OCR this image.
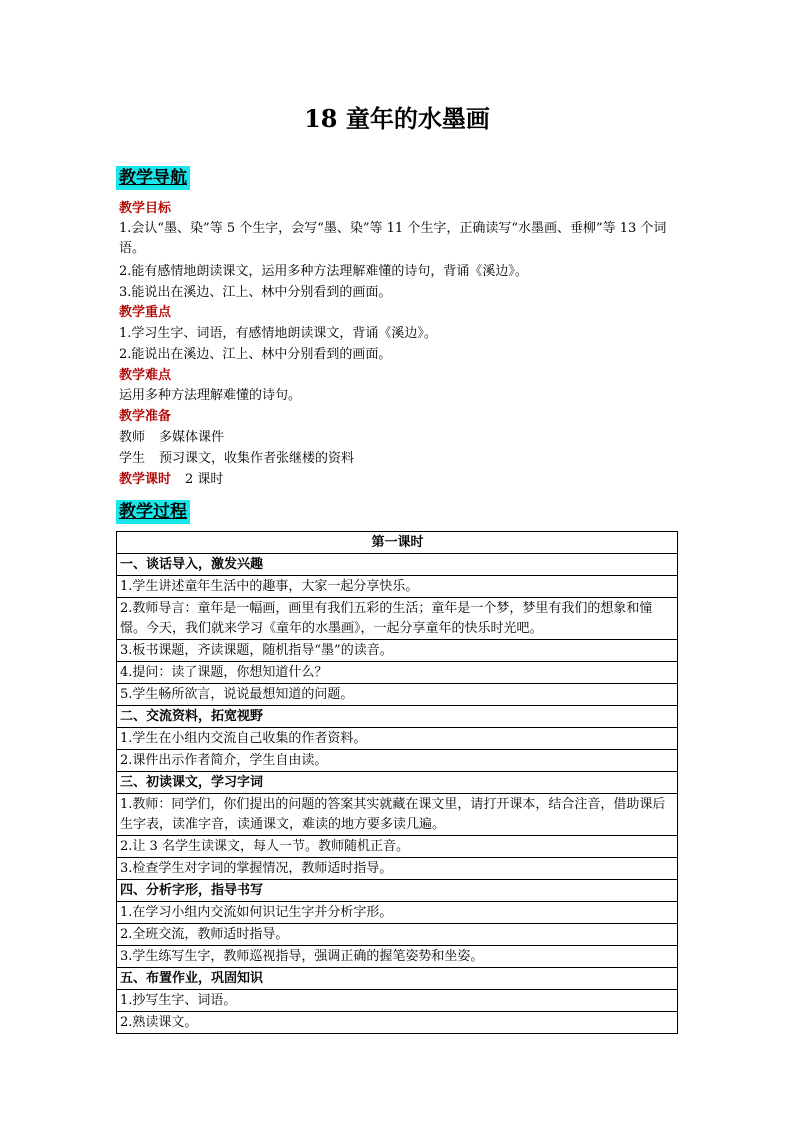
18 童年的水墨画
教学导航
教学目标
1.会认“墨、染”等 5 个生字，会写“墨、染”等 11 个生字，正确读写“水墨画、垂柳”等 13 个词语。
2.能有感情地朗读课文，运用多种方法理解难懂的诗句，背诵《溪边》。
3.能说出在溪边、江上、林中分别看到的画面。
教学重点
1.学习生字、词语，有感情地朗读课文，背诵《溪边》。
2.能说出在溪边、江上、林中分别看到的画面。
教学难点
运用多种方法理解难懂的诗句。
教学准备
教师 多媒体课件
学生 预习课文，收集作者张继楼的资料
教学课时 2 课时
教学过程
第一课时
一、谈话导入，激发兴趣
1.学生讲述童年生活中的趣事，大家一起分享快乐。
2.教师导言：童年是一幅画，画里有我们五彩的生活；童年是一个梦，梦里有我们的想象和憧憬。今天，我们就来学习《童年的水墨画》，一起分享童年的快乐时光吧。
3.板书课题，齐读课题，随机指导“墨”的读音。
4.提问：读了课题，你想知道什么？
5.学生畅所欲言，说说最想知道的问题。
二、交流资料，拓宽视野
1.学生在小组内交流自己收集的作者资料。
2.课件出示作者简介，学生自由读。
三、初读课文，学习字词
1.教师：同学们，你们提出的问题的答案其实就藏在课文里，请打开课本，结合注音，借助课后生字表，读准字音，读通课文，难读的地方要多读几遍。
2.让 3 名学生读课文，每人一节。教师随机正音。
3.检查学生对字词的掌握情况，教师适时指导。
四、分析字形，指导书写
1.在学习小组内交流如何识记生字并分析字形。
2.全班交流，教师适时指导。
3.学生练写生字，教师巡视指导，强调正确的握笔姿势和坐姿。
五、布置作业，巩固知识
1.抄写生字、词语。
2.熟读课文。
